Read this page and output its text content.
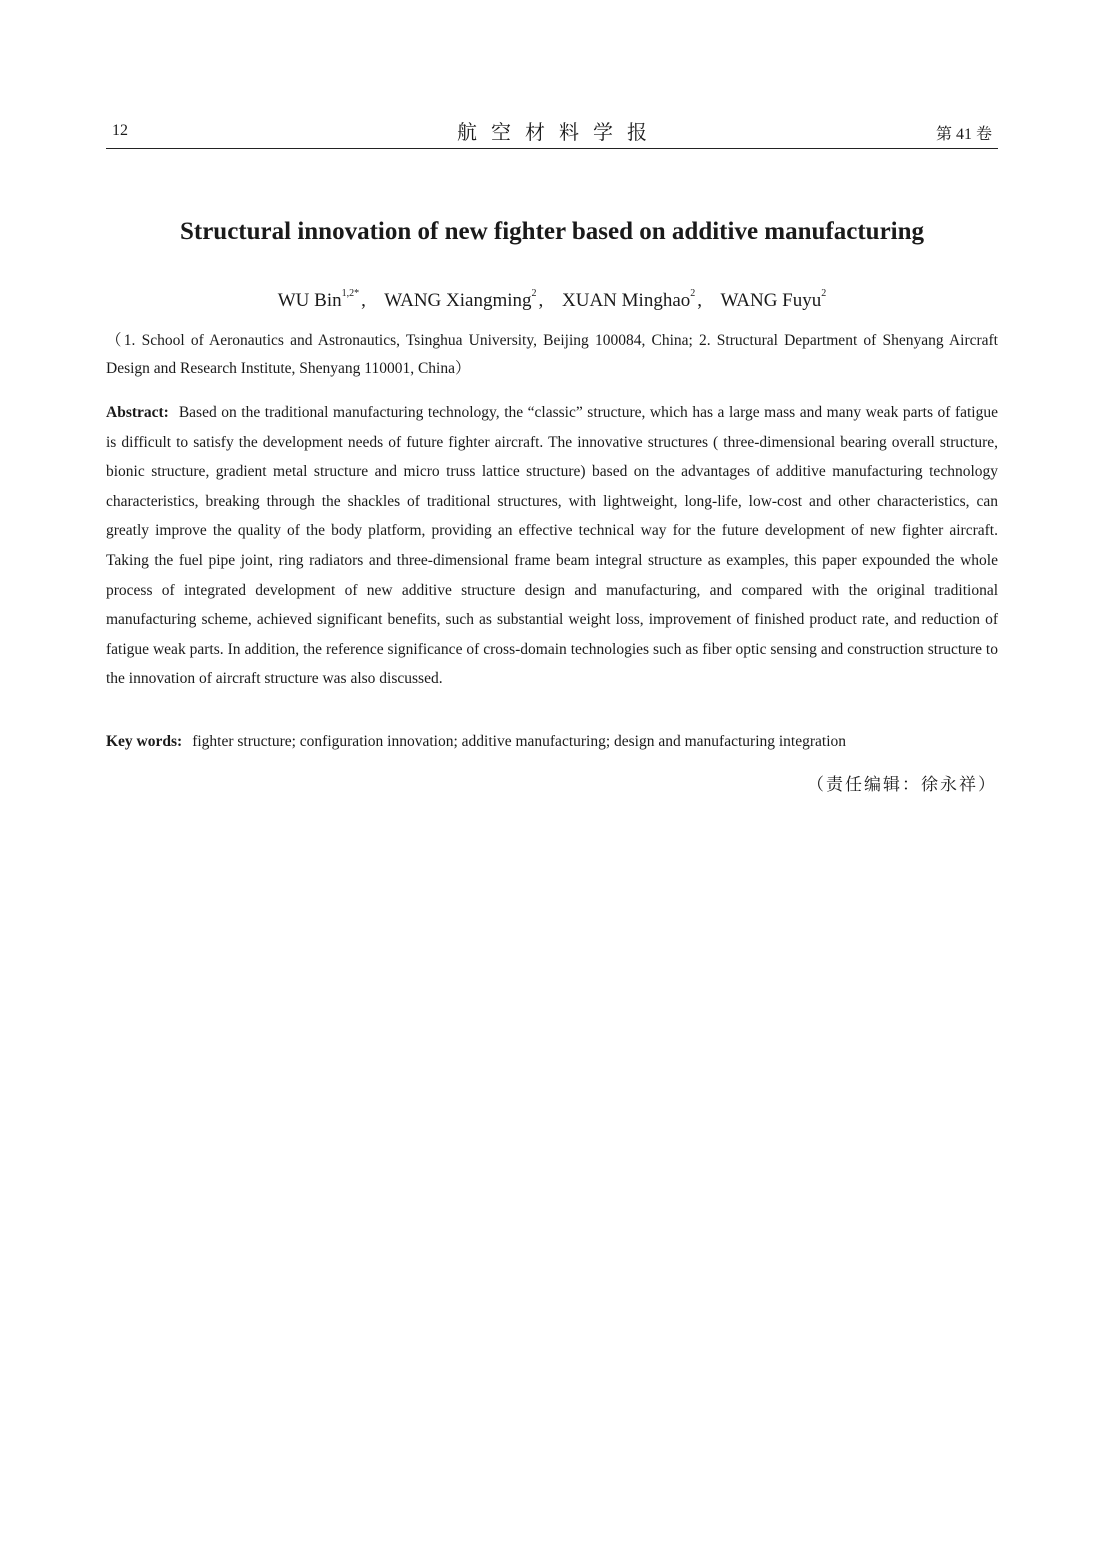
12	航空材料学报	第 41 卷
Structural innovation of new fighter based on additive manufacturing
WU Bin$^{1,2*}$ , WANG Xiangming$^2$ , XUAN Minghao$^2$ , WANG Fuyu$^2$
（1. School of Aeronautics and Astronautics, Tsinghua University, Beijing 100084, China; 2. Structural Department of Shenyang Aircraft Design and Research Institute, Shenyang 110001, China）
Abstract: Based on the traditional manufacturing technology, the “classic” structure, which has a large mass and many weak parts of fatigue is difficult to satisfy the development needs of future fighter aircraft. The innovative structures ( three-dimensional bearing overall structure, bionic structure, gradient metal structure and micro truss lattice structure) based on the advantages of additive manufacturing technology characteristics, breaking through the shackles of traditional structures, with lightweight, long-life, low-cost and other characteristics, can greatly improve the quality of the body platform, providing an effective technical way for the future development of new fighter aircraft. Taking the fuel pipe joint, ring radiators and three-dimensional frame beam integral structure as examples, this paper expounded the whole process of integrated development of new additive structure design and manufacturing, and compared with the original traditional manufacturing scheme, achieved significant benefits, such as substantial weight loss, improvement of finished product rate, and reduction of fatigue weak parts. In addition, the reference significance of cross-domain technologies such as fiber optic sensing and construction structure to the innovation of aircraft structure was also discussed.
Key words: fighter structure; configuration innovation; additive manufacturing; design and manufacturing integration
（责任编辑：徐永祥）
